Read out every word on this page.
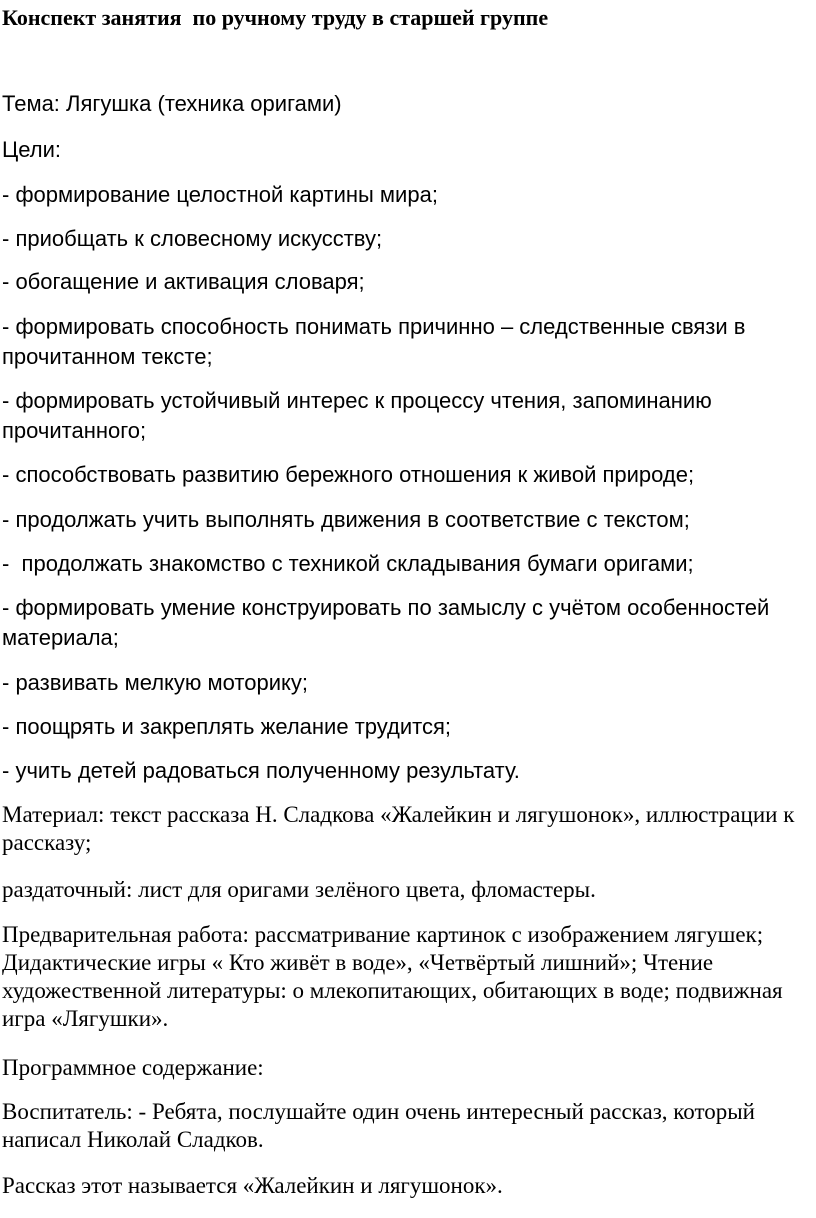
Конспект занятия  по ручному труду в старшей группе

Тема: Лягушка (техника оригами)

Цели:

- формирование целостной картины мира;

- приобщать к словесному искусству;

- обогащение и активация словаря;

- формировать способность понимать причинно – следственные связи в прочитанном тексте;

- формировать устойчивый интерес к процессу чтения, запоминанию прочитанного;

- способствовать развитию бережного отношения к живой природе;

- продолжать учить выполнять движения в соответствие с текстом;

-  продолжать знакомство с техникой складывания бумаги оригами;

- формировать умение конструировать по замыслу с учётом особенностей материала;

- развивать мелкую моторику;

- поощрять и закреплять желание трудится;

- учить детей радоваться полученному результату.

Материал: текст рассказа Н. Сладкова «Жалейкин и лягушонок», иллюстрации к рассказу;

раздаточный: лист для оригами зелёного цвета, фломастеры.

Предварительная работа: рассматривание картинок с изображением лягушек; Дидактические игры « Кто живёт в воде», «Четвёртый лишний»; Чтение художественной литературы: о млекопитающих, обитающих в воде; подвижная игра «Лягушки».

Программное содержание:

Воспитатель: - Ребята, послушайте один очень интересный рассказ, который написал Николай Сладков.

Рассказ этот называется «Жалейкин и лягушонок».
